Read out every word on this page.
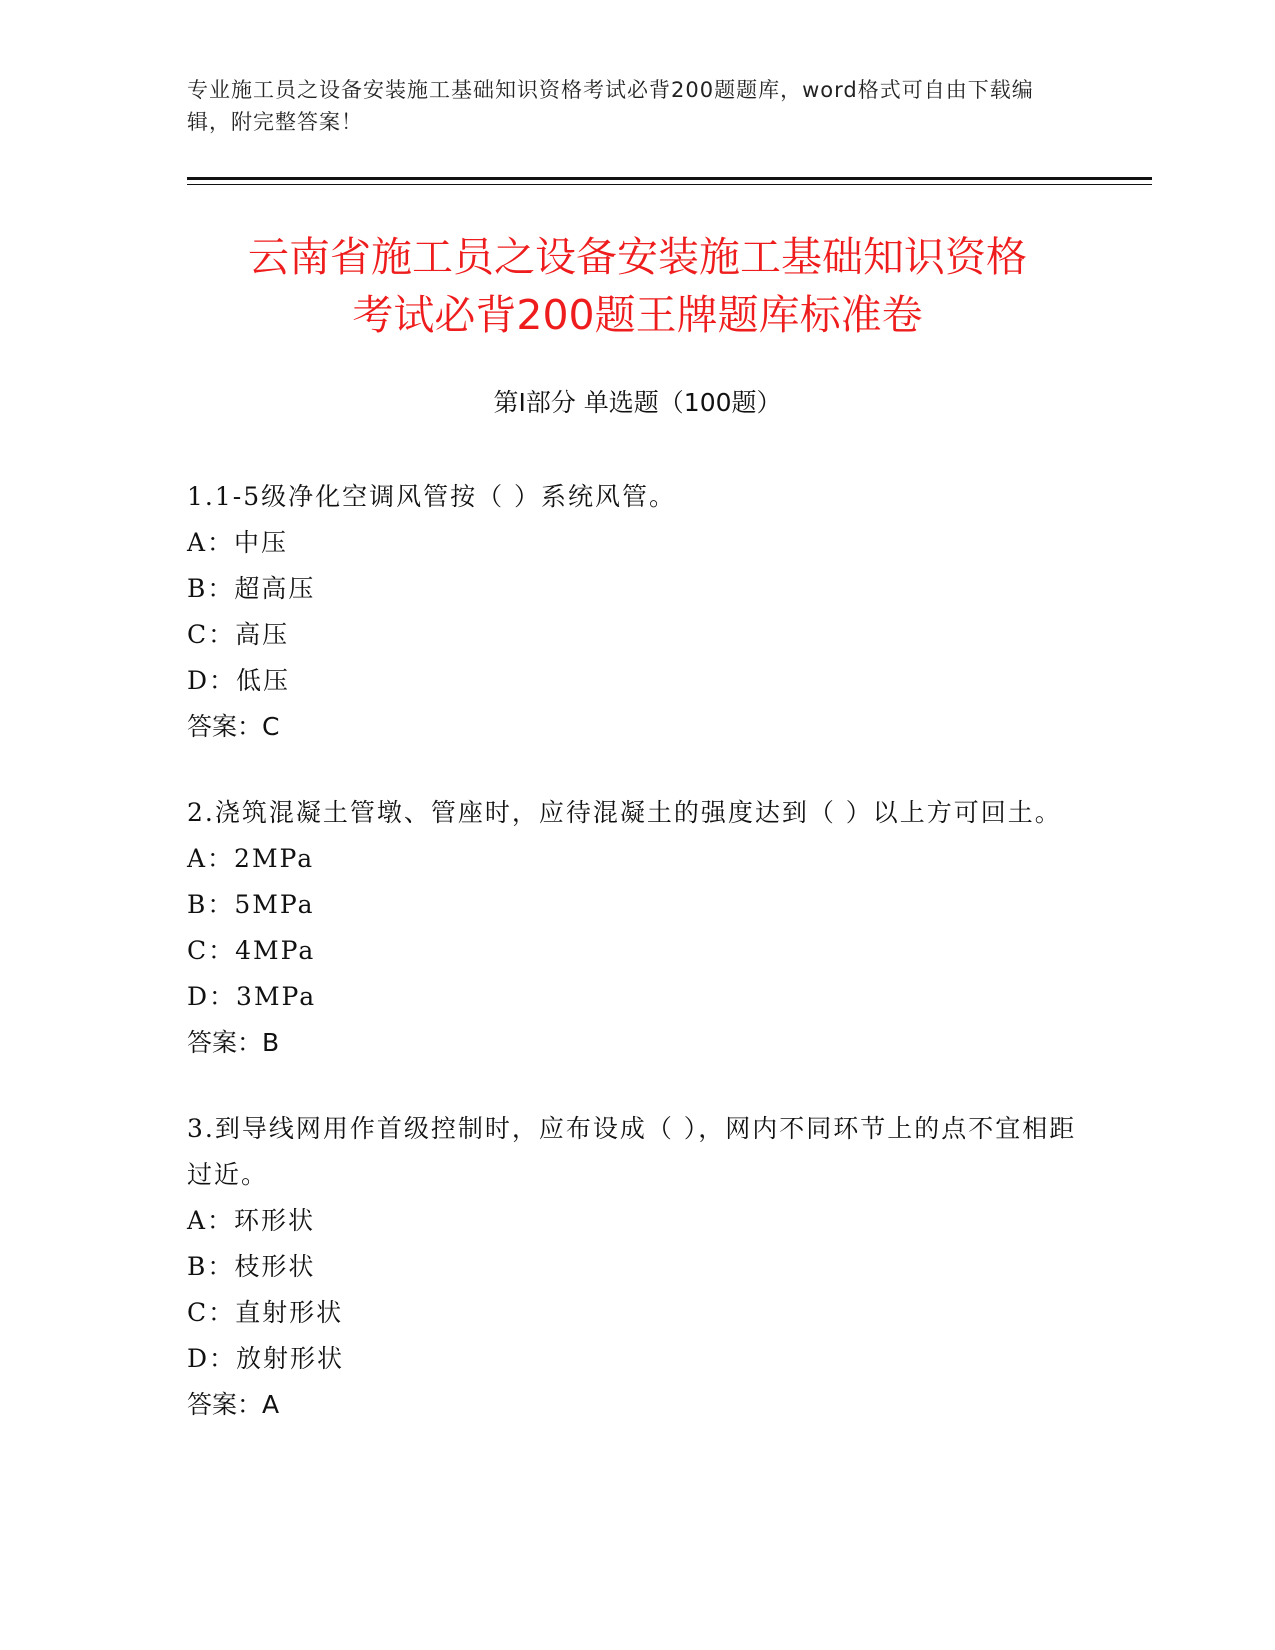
专业施工员之设备安装施工基础知识资格考试必背200题题库，word格式可自由下载编辑，附完整答案！
云南省施工员之设备安装施工基础知识资格
考试必背200题王牌题库标准卷
第Ⅰ部分 单选题（100题）
1.1-5级净化空调风管按（ ）系统风管。
A：中压
B：超高压
C：高压
D：低压
答案：C
2.浇筑混凝土管墩、管座时，应待混凝土的强度达到（ ）以上方可回土。
A：2MPa
B：5MPa
C：4MPa
D：3MPa
答案：B
3.到导线网用作首级控制时，应布设成（ ），网内不同环节上的点不宜相距过近。
A：环形状
B：枝形状
C：直射形状
D：放射形状
答案：A
